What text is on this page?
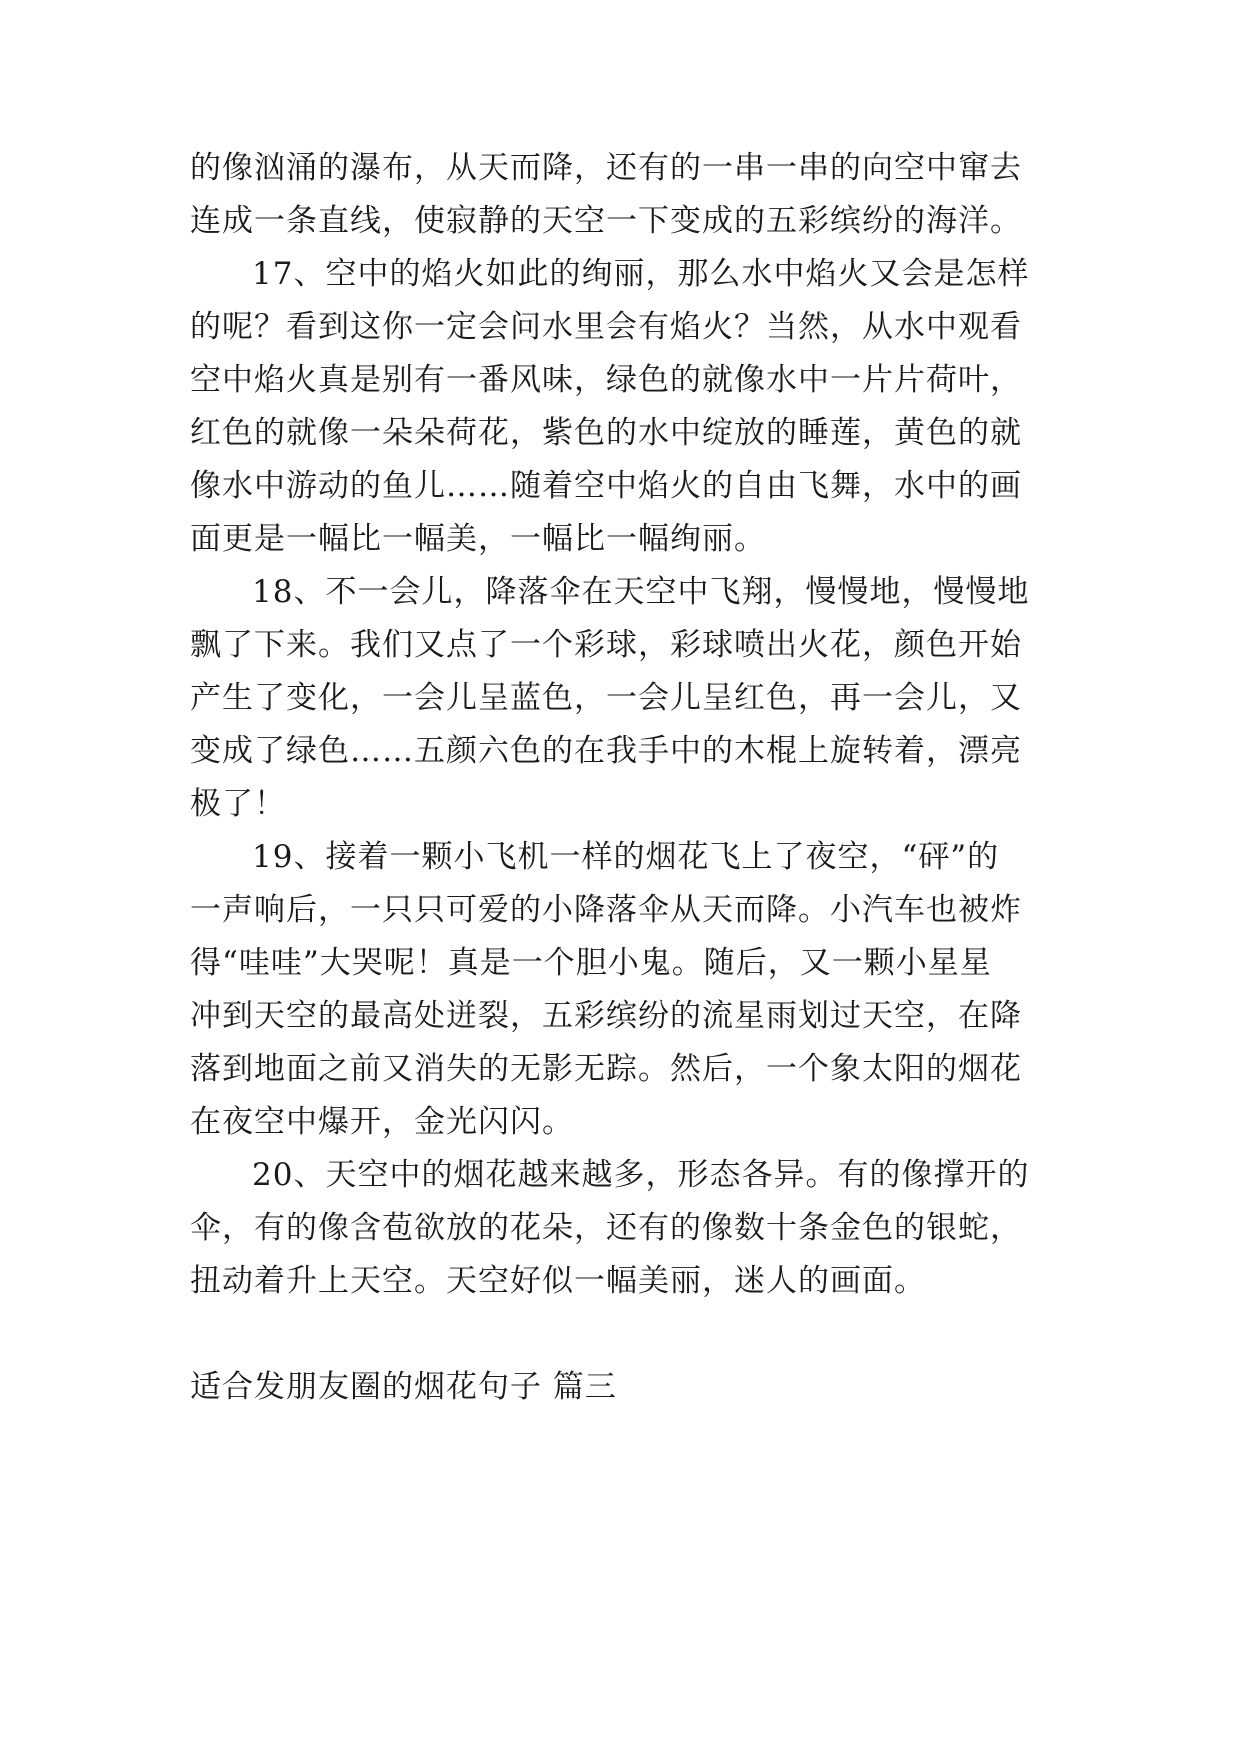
的像汹涌的瀑布，从天而降，还有的一串一串的向空中窜去
连成一条直线，使寂静的天空一下变成的五彩缤纷的海洋。
17、空中的焰火如此的绚丽，那么水中焰火又会是怎样
的呢？看到这你一定会问水里会有焰火？当然，从水中观看
空中焰火真是别有一番风味，绿色的就像水中一片片荷叶，
红色的就像一朵朵荷花，紫色的水中绽放的睡莲，黄色的就
像水中游动的鱼儿……随着空中焰火的自由飞舞，水中的画
面更是一幅比一幅美，一幅比一幅绚丽。
18、不一会儿，降落伞在天空中飞翔，慢慢地，慢慢地
飘了下来。我们又点了一个彩球，彩球喷出火花，颜色开始
产生了变化，一会儿呈蓝色，一会儿呈红色，再一会儿，又
变成了绿色……五颜六色的在我手中的木棍上旋转着，漂亮
极了！
19、接着一颗小飞机一样的烟花飞上了夜空，“砰”的
一声响后，一只只可爱的小降落伞从天而降。小汽车也被炸
得“哇哇”大哭呢！真是一个胆小鬼。随后，又一颗小星星
冲到天空的最高处迸裂，五彩缤纷的流星雨划过天空，在降
落到地面之前又消失的无影无踪。然后，一个象太阳的烟花
在夜空中爆开，金光闪闪。
20、天空中的烟花越来越多，形态各异。有的像撑开的
伞，有的像含苞欲放的花朵，还有的像数十条金色的银蛇，
扭动着升上天空。天空好似一幅美丽，迷人的画面。
适合发朋友圈的烟花句子 篇三
